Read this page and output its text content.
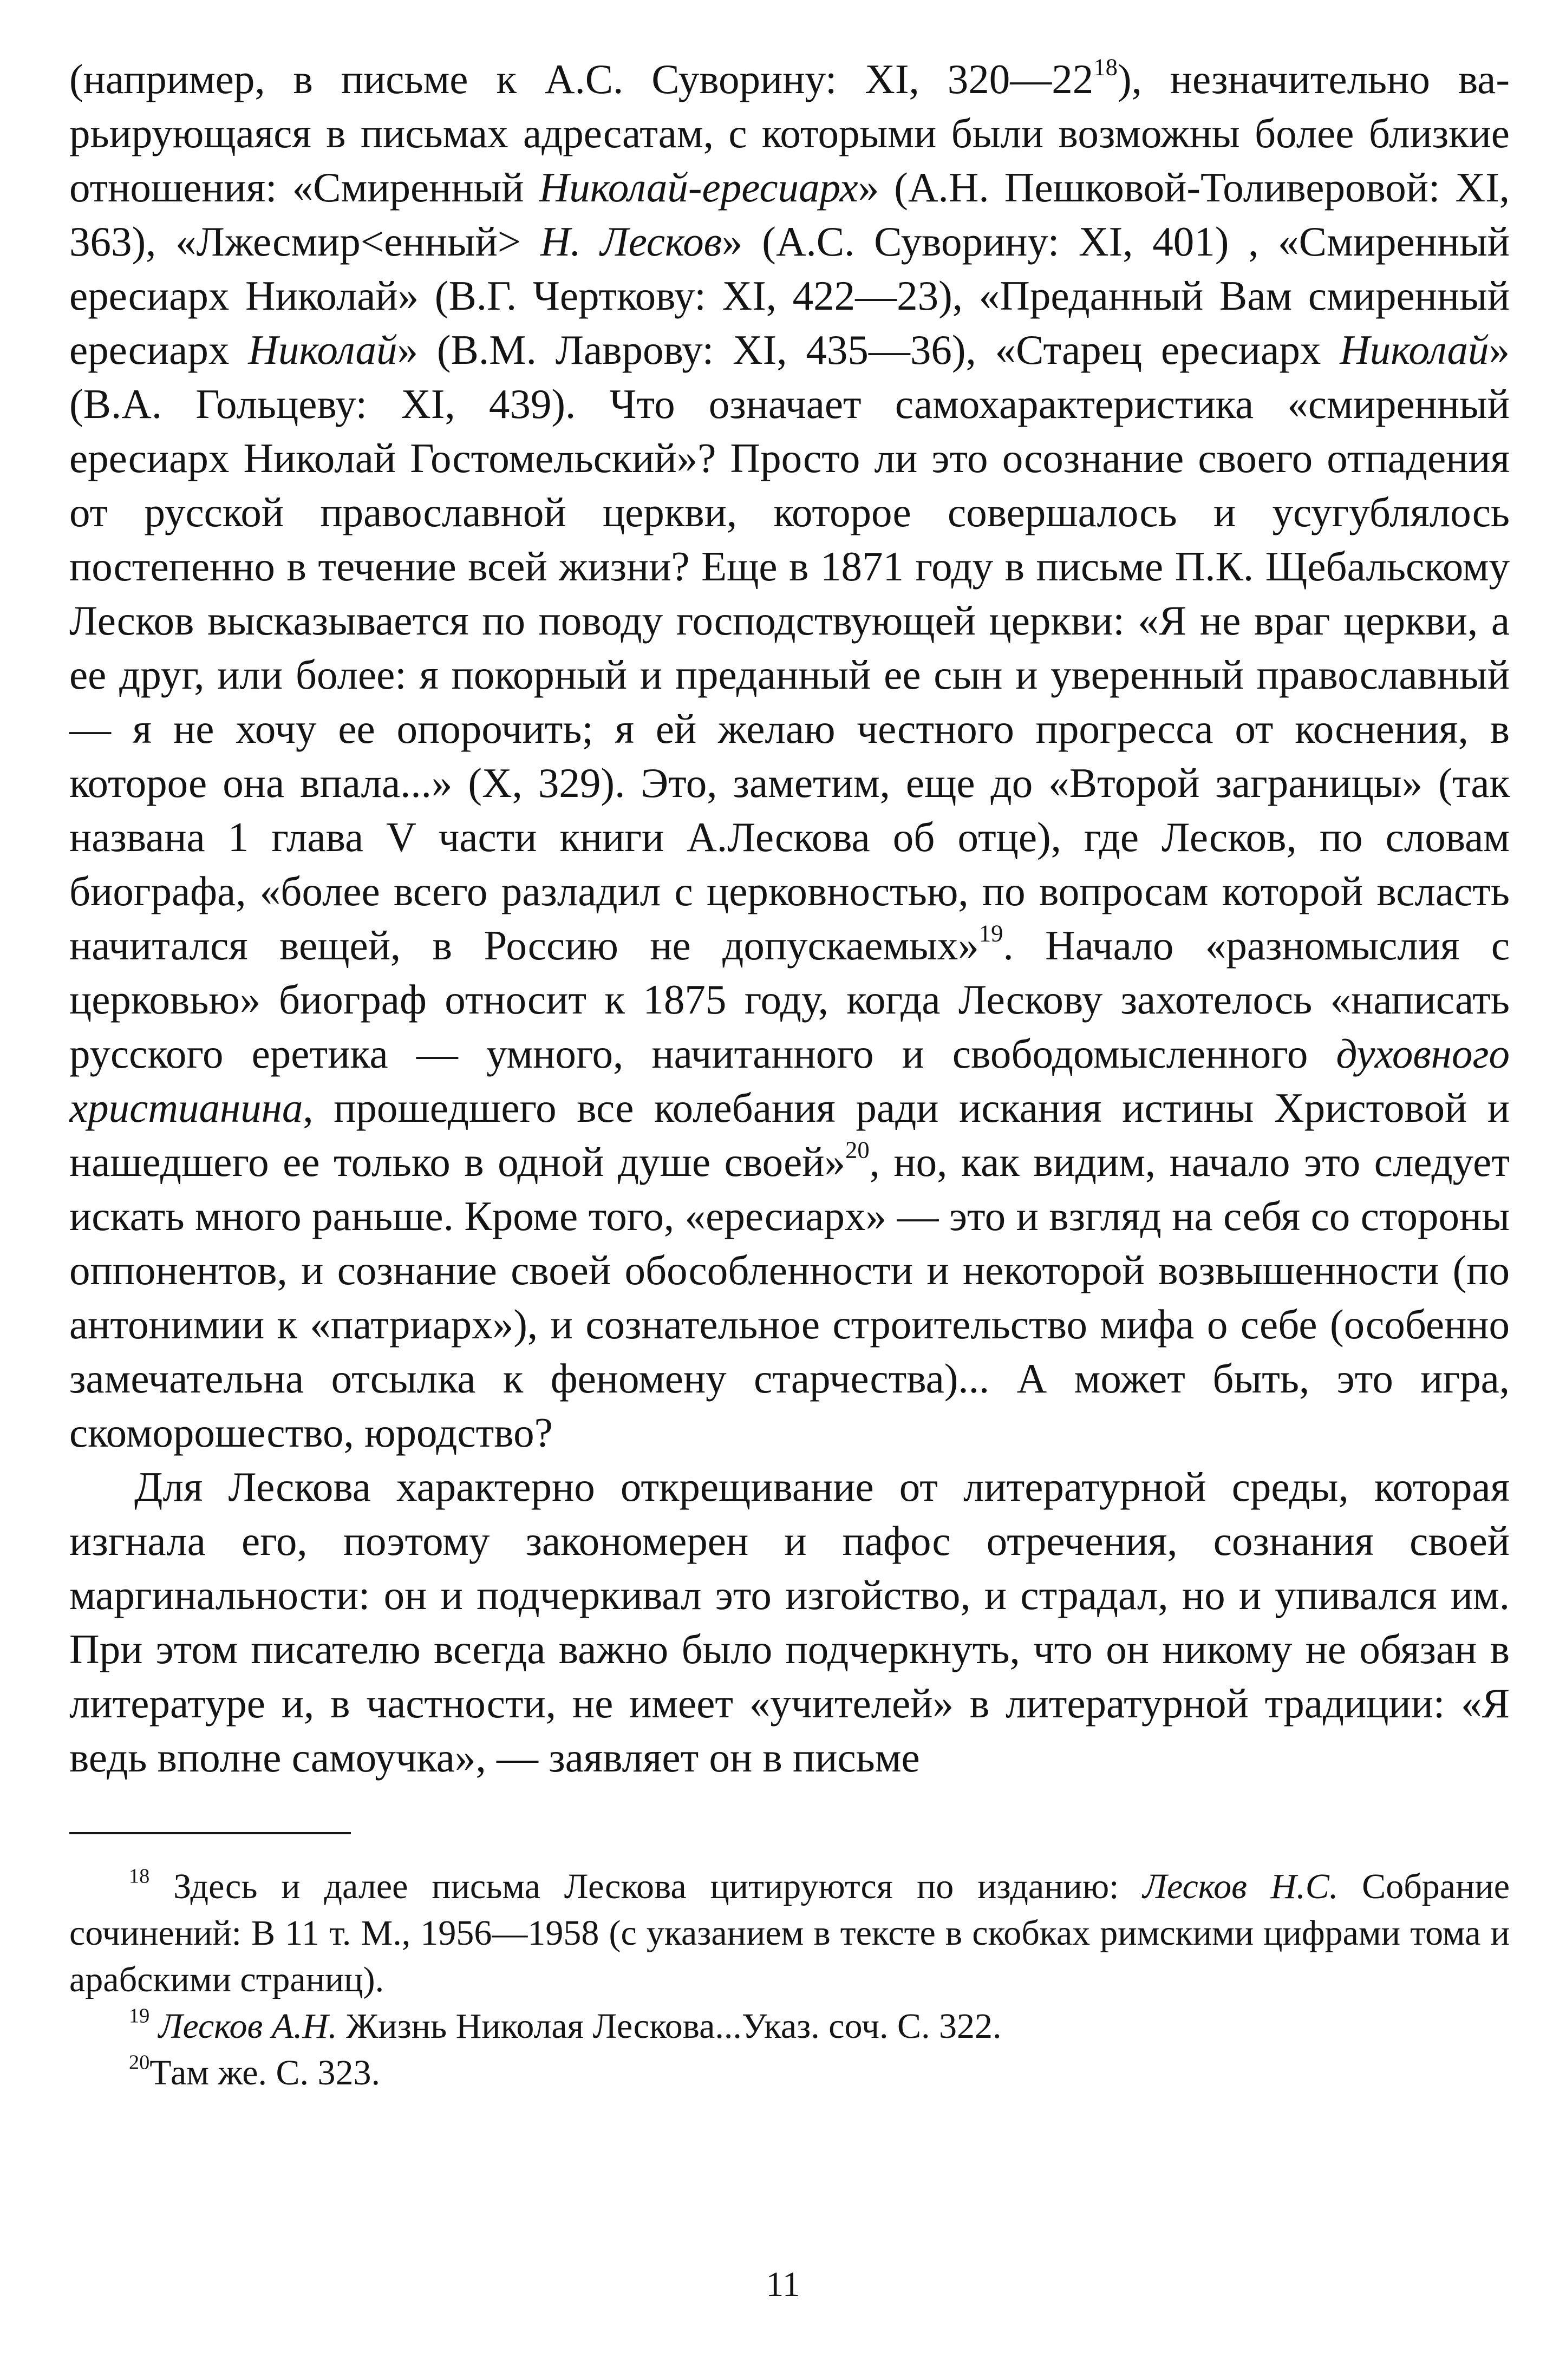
(например, в письме к А.С. Суворину: XI, $320—22^{18}$), незначительно варьирующаяся в письмах адресатам, с которыми были возможны более близкие отношения: «Смиренный Николай-ересиарх» (А.Н. Пешковой-Толиверовой: XI, 363), «Лжесмир<енный> Н. Лесков» (А.С. Суворину: XI, 401) , «Смиренный ересиарх Николай» (В.Г. Черткову: XI, 422—23), «Преданный Вам смиренный ересиарх Николай» (В.М. Лаврову: XI, 435—36), «Старец ересиарх Николай» (В.А. Гольцеву: XI, 439). Что означает самохарактеристика «смиренный ересиарх Николай Гостомельский»? Просто ли это осознание своего отпадения от русской православной церкви, которое совершалось и усугублялось постепенно в течение всей жизни? Еще в 1871 году в письме П.К. Щебальскому Лесков высказывается по поводу господствующей церкви: «Я не враг церкви, а ее друг, или более: я покорный и преданный ее сын и уверенный православный — я не хочу ее опорочить; я ей желаю честного прогресса от коснения, в которое она впала...» (X, 329). Это, заметим, еще до «Второй заграницы» (так названа 1 глава V части книги А.Лескова об отце), где Лесков, по словам биографа, «более всего разладил с церковностью, по вопросам которой всласть начитался вещей, в Россию не допускаемых»$^{19}$. Начало «разномыслия с церковью» биограф относит к 1875 году, когда Лескову захотелось «написать русского еретика — умного, начитанного и свободомысленного духовного христианина, прошедшего все колебания ради искания истины Христовой и нашедшего ее только в одной душе своей»$^{20}$, но, как видим, начало это следует искать много раньше. Кроме того, «ересиарх» — это и взгляд на себя со стороны оппонентов, и сознание своей обособленности и некоторой возвышенности (по антонимии к «патриарх»), и сознательное строительство мифа о себе (особенно замечательна отсылка к феномену старчества)... А может быть, это игра, скоморошество, юродство?

Для Лескова характерно открещивание от литературной среды, которая изгнала его, поэтому закономерен и пафос отречения, сознания своей маргинальности: он и подчеркивал это изгойство, и страдал, но и упивался им. При этом писателю всегда важно было подчеркнуть, что он никому не обязан в литературе и, в частности, не имеет «учителей» в литературной традиции: «Я ведь вполне самоучка», — заявляет он в письме

$^{18}$ Здесь и далее письма Лескова цитируются по изданию: Лесков Н.С. Собрание сочинений: В 11 т. М., 1956—1958 (с указанием в тексте в скобках римскими цифрами тома и арабскими страниц).

$^{19}$ Лесков А.Н. Жизнь Николая Лескова...Указ. соч. С. 322.

$^{20}$Там же. С. 323.

11
